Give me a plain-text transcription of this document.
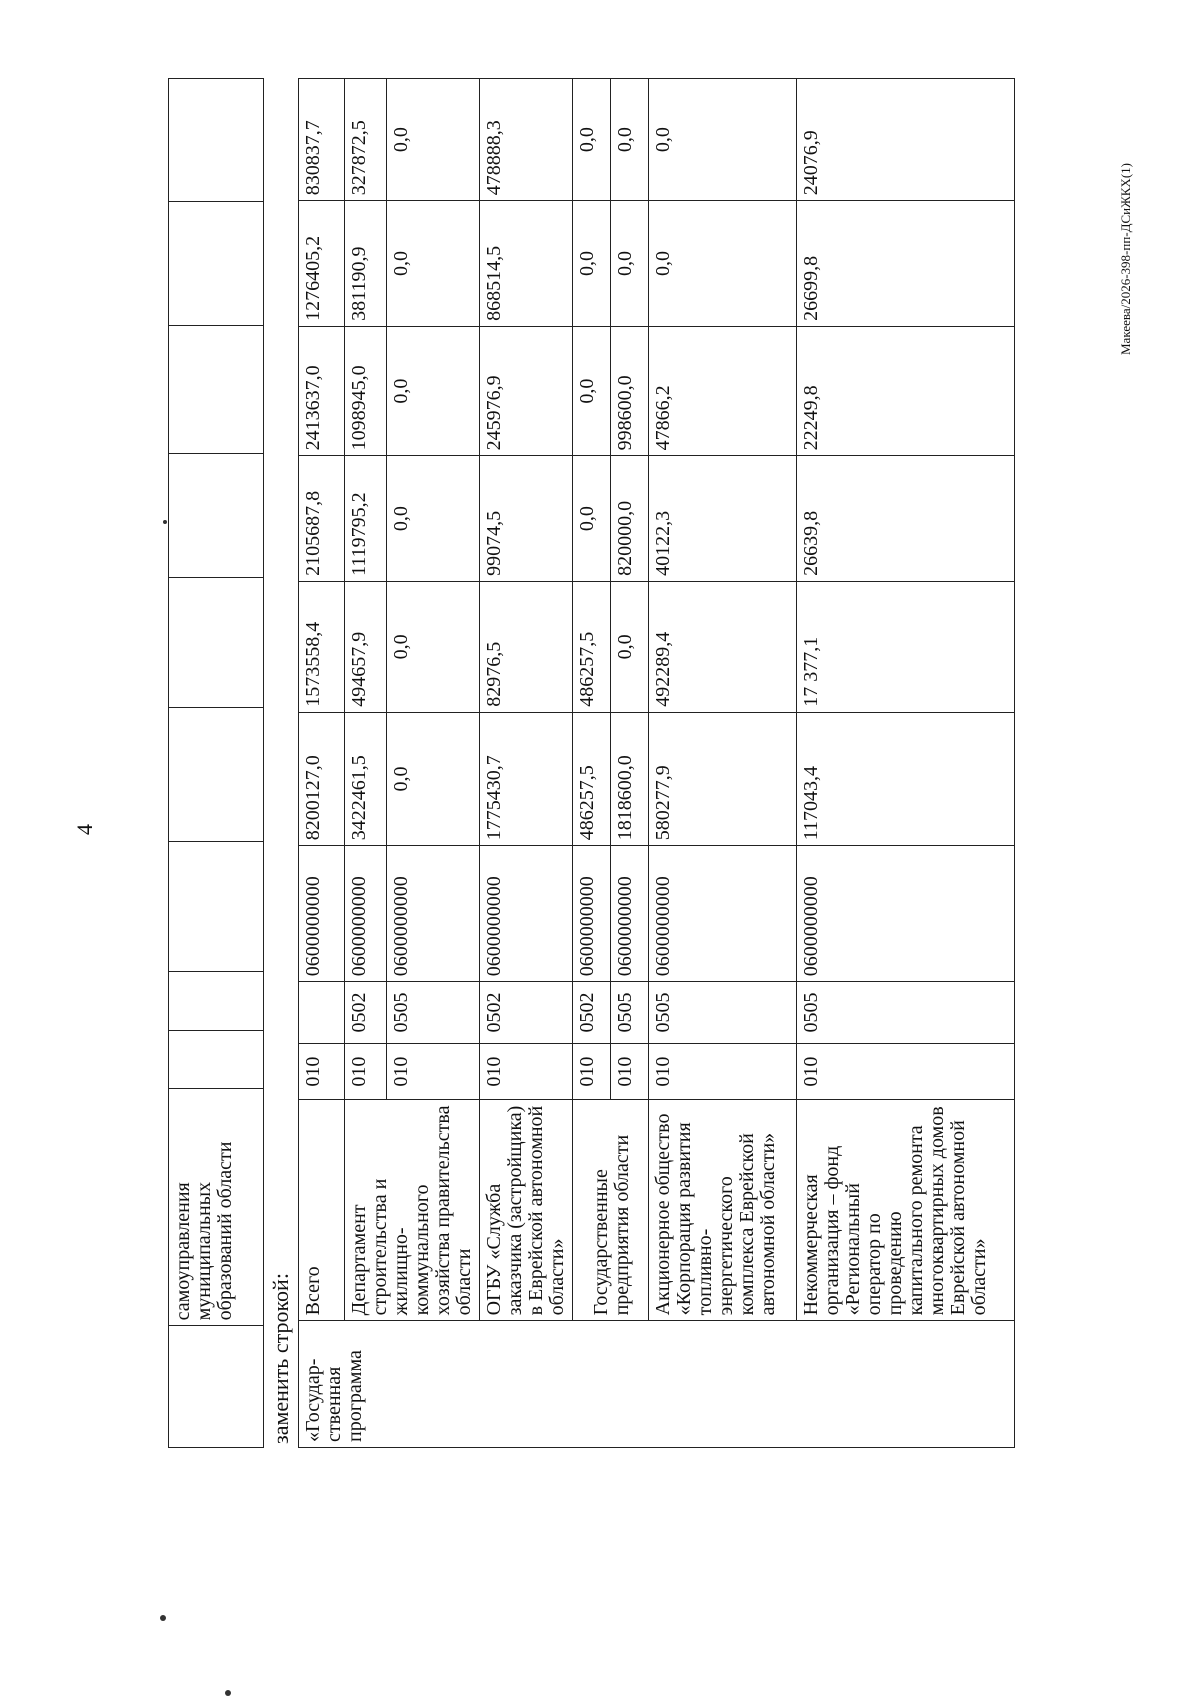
4
Макеева/2026-398-пп-ДСиЖКХ(1)
	самоуправления муниципальных образований области									
заменить строкой: «Государ-ственная программа	Всего	010		0600000000	8200127,0	1573558,4	2105687,8	2413637,0	1276405,2	830837,7
	Департамент строительства и жилищно-коммунального хозяйства правительства области	010	0502	0600000000	3422461,5	494657,9	1119795,2	1098945,0	381190,9	327872,5
		010	0505	0600000000	0,0	0,0	0,0	0,0	0,0	0,0
	ОГБУ «Служба заказчика (застройщика) в Еврейской автономной области»	010	0502	0600000000	1775430,7	82976,5	99074,5	245976,9	868514,5	478888,3
	Государственные предприятия области	010	0502	0600000000	486257,5	486257,5	0,0	0,0	0,0	0,0
		010	0505	0600000000	1818600,0	0,0	820000,0	998600,0	0,0	0,0
	Акционерное общество «Корпорация развития топливно-энергетического комплекса Еврейской автономной области»	010	0505	0600000000	580277,9	492289,4	40122,3	47866,2	0,0	0,0
	Некоммерческая организация – фонд «Региональный оператор по проведению капитального ремонта многоквартирных домов Еврейской автономной области»	010	0505	0600000000	117043,4	17 377,1	26639,8	22249,8	26699,8	24076,9
